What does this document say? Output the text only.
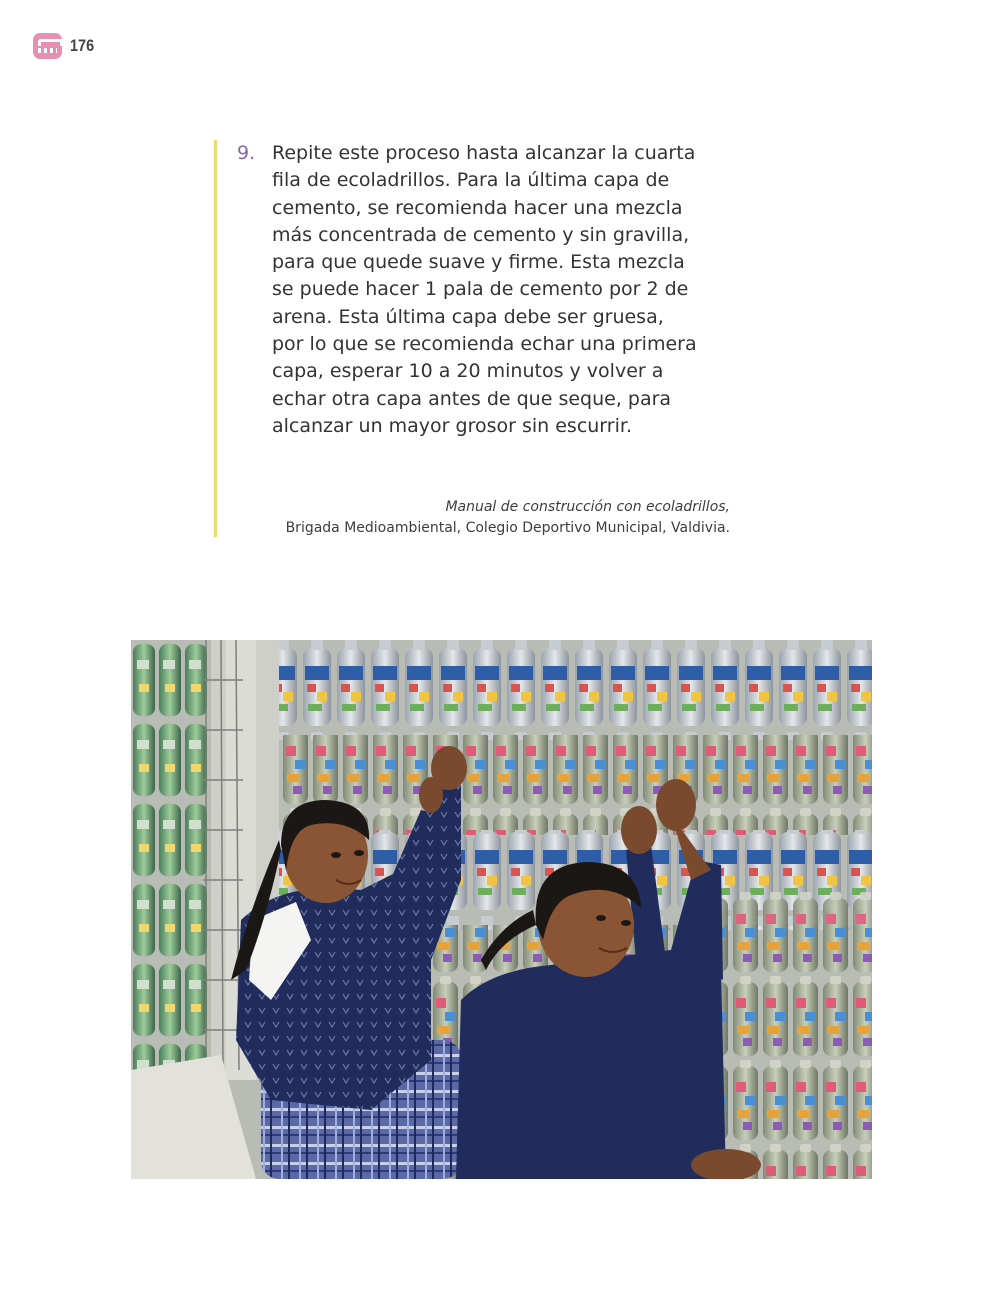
176
9. Repite este proceso hasta alcanzar la cuarta
fila de ecoladrillos. Para la última capa de
cemento, se recomienda hacer una mezcla
más concentrada de cemento y sin gravilla,
para que quede suave y firme. Esta mezcla
se puede hacer 1 pala de cemento por 2 de
arena. Esta última capa debe ser gruesa,
por lo que se recomienda echar una primera
capa, esperar 10 a 20 minutos y volver a
echar otra capa antes de que seque, para
alcanzar un mayor grosor sin escurrir.

Manual de construcción con ecoladrillos,
Brigada Medioambiental, Colegio Deportivo Municipal, Valdivia.
